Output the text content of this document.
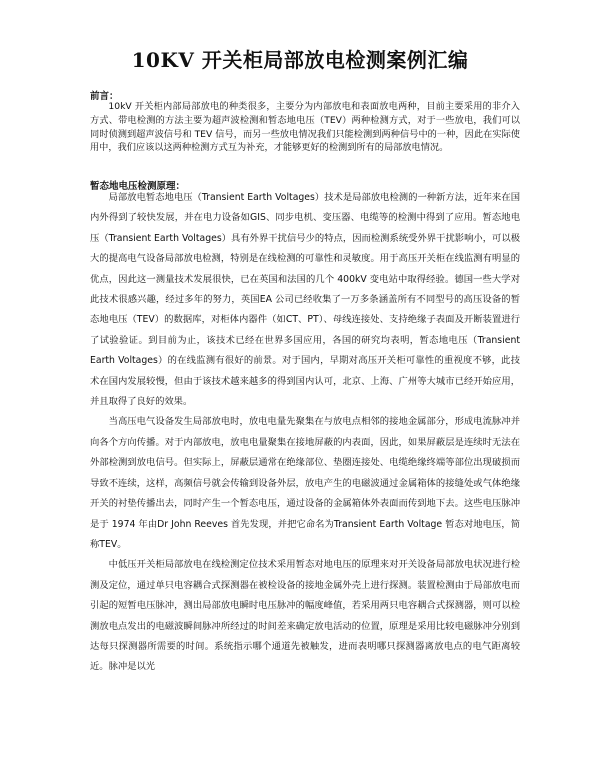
10KV 开关柜局部放电检测案例汇编
前言：

10kV 开关柜内部局部放电的种类很多，主要分为内部放电和表面放电两种，目前主要采用的非介入方式、带电检测的方法主要为超声波检测和暂态地电压（TEV）两种检测方式，对于一些放电，我们可以同时侦测到超声波信号和 TEV 信号，而另一些放电情况我们只能检测到两种信号中的一种，因此在实际使用中，我们应该以这两种检测方式互为补充，才能够更好的检测到所有的局部放电情况。

暂态地电压检测原理：

局部放电暂态地电压（Transient Earth Voltages）技术是局部放电检测的一种新方法，近年来在国内外得到了较快发展，并在电力设备如GIS、同步电机、变压器、电缆等的检测中得到了应用。暂态地电压（Transient Earth Voltages）具有外界干扰信号少的特点，因而检测系统受外界干扰影响小，可以极大的提高电气设备局部放电检测，特别是在线检测的可靠性和灵敏度。用于高压开关柜在线监测有明显的优点，因此这一测量技术发展很快，已在英国和法国的几个 400kV 变电站中取得经验。德国一些大学对此技术很感兴趣，经过多年的努力，英国EA 公司已经收集了一万多条涵盖所有不同型号的高压设备的暂态地电压（TEV）的数据库，对柜体内器件（如CT、PT）、母线连接处、支持绝缘子表面及开断装置进行了试验验证。到目前为止，该技术已经在世界多国应用，各国的研究均表明，暂态地电压（Transient Earth Voltages）的在线监测有很好的前景。对于国内，早期对高压开关柜可靠性的重视度不够，此技术在国内发展较慢，但由于该技术越来越多的得到国内认可，北京、上海、广州等大城市已经开始应用，并且取得了良好的效果。

当高压电气设备发生局部放电时，放电电量先聚集在与放电点相邻的接地金属部分，形成电流脉冲并向各个方向传播。对于内部放电，放电电量聚集在接地屏蔽的内表面，因此，如果屏蔽层是连续时无法在外部检测到放电信号。但实际上，屏蔽层通常在绝缘部位、垫圈连接处、电缆绝缘终端等部位出现破损而导致不连续，这样，高频信号就会传输到设备外层，放电产生的电磁波通过金属箱体的接缝处或气体绝缘开关的衬垫传播出去，同时产生一个暂态电压，通过设备的金属箱体外表面而传到地下去。这些电压脉冲是于 1974 年由Dr John Reeves 首先发现，并把它命名为Transient Earth Voltage 暂态对地电压，简称TEV。

中低压开关柜局部放电在线检测定位技术采用暂态对地电压的原理来对开关设备局部放电状况进行检测及定位，通过单只电容耦合式探测器在被检设备的接地金属外壳上进行探测。装置检测由于局部放电而引起的短暂电压脉冲，测出局部放电瞬时电压脉冲的幅度峰值，若采用两只电容耦合式探测器，则可以检测放电点发出的电磁波瞬间脉冲所经过的时间差来确定放电活动的位置，原理是采用比较电磁脉冲分别到达每只探测器所需要的时间。系统指示哪个通道先被触发，进而表明哪只探测器离放电点的电气距离较近。脉冲是以光
